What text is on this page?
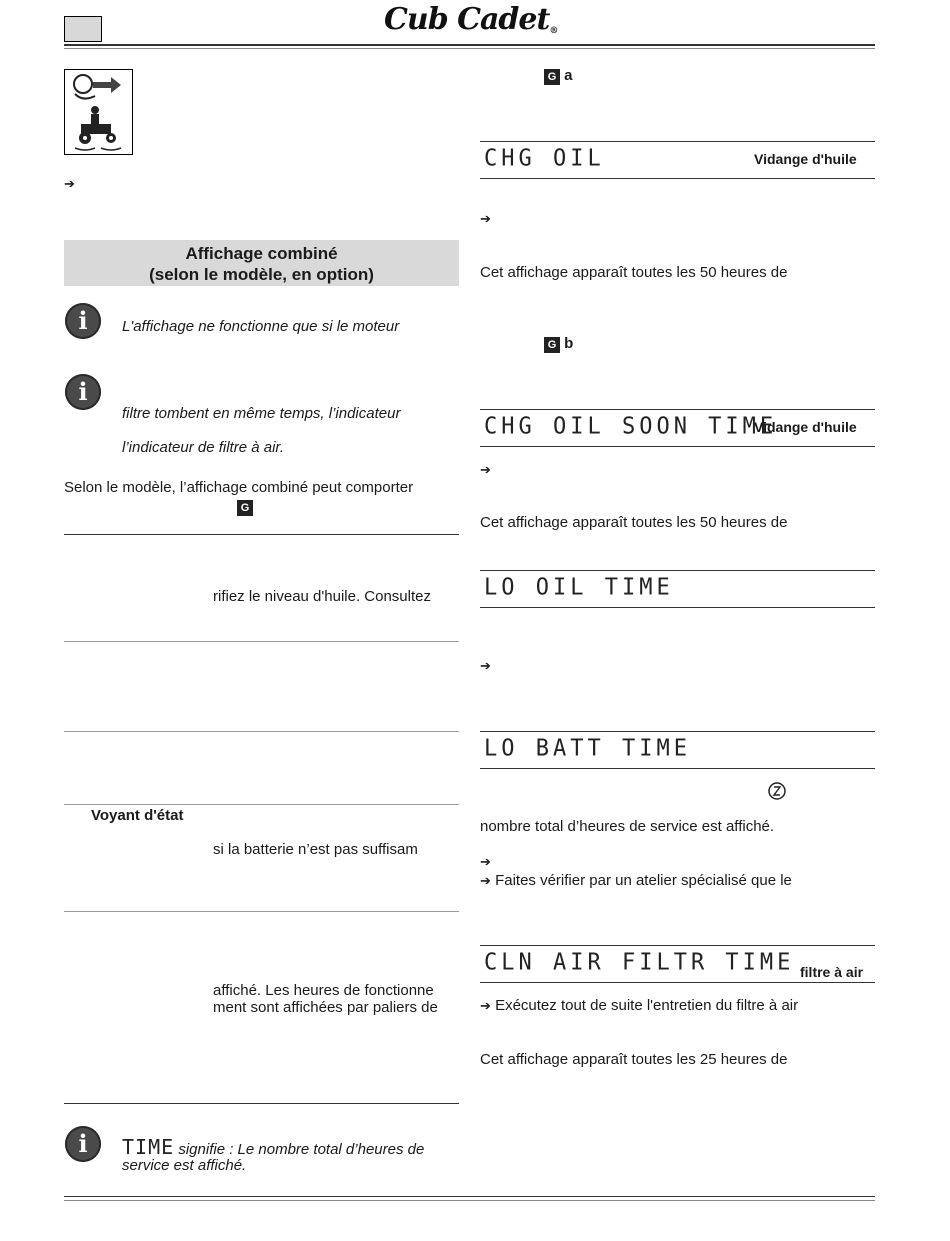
Cub Cadet®
➔
Affichage combiné
(selon le modèle, en option)
i	L'affichage ne fonctionne que si le moteur
i
filtre tombent en même temps, l’indicateur
l’indicateur de filtre à air.
Selon le modèle, l’affichage combiné peut comporter
G
rifiez le niveau d'huile. Consultez
Voyant d'état
si la batterie n’est pas suffisam
affiché. Les heures de fonctionne
ment sont affichées par paliers de
i	TIME signifie : Le nombre total d’heures de
service est affiché.
G a
CHG OIL	Vidange d'huile
➔
Cet affichage apparaît toutes les 50 heures de
G b
CHG OIL SOON TIME
Vidange d'huile
➔
Cet affichage apparaît toutes les 50 heures de
LO OIL TIME
➔
LO BATT TIME
nombre total d’heures de service est affiché.
➔
➔ Faites vérifier par un atelier spécialisé que le
CLN AIR FILTR TIME filtre à air
➔ Exécutez tout de suite l'entretien du filtre à air
Cet affichage apparaît toutes les 25 heures de
